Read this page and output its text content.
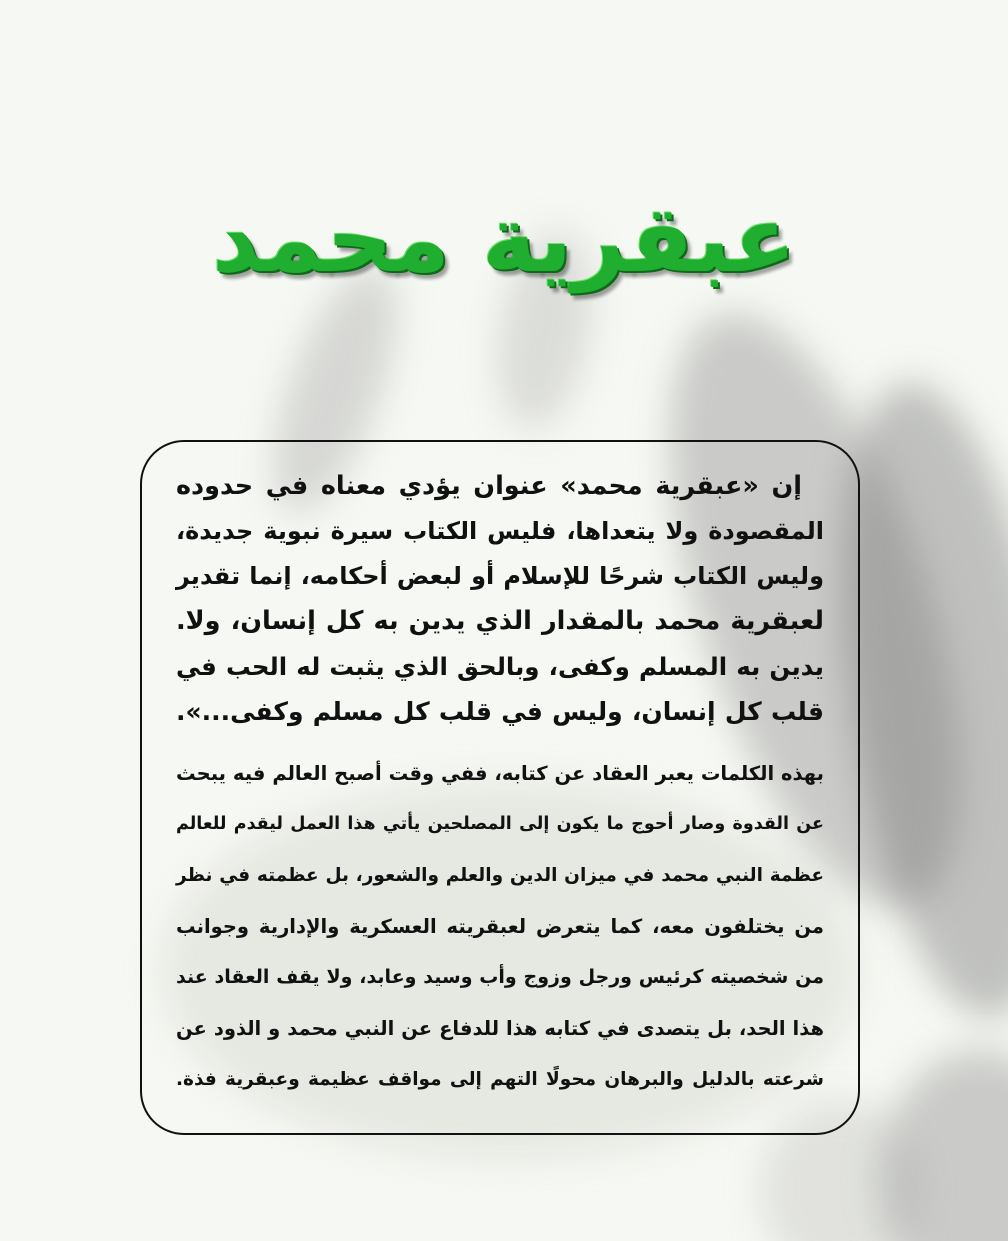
عبقرية محمد

إن «عبقرية محمد» عنوان يؤدي معناه في حدوده
المقصودة ولا يتعداها، فليس الكتاب سيرة نبوية جديدة،
وليس الكتاب شرحًا للإسلام أو لبعض أحكامه، إنما تقدير
لعبقرية محمد بالمقدار الذي يدين به كل إنسان، ولا.
يدين به المسلم وكفى، وبالحق الذي يثبت له الحب في
قلب كل إنسان، وليس في قلب كل مسلم وكفى...».

بهذه الكلمات يعبر العقاد عن كتابه، ففي وقت أصبح العالم فيه يبحث
عن القدوة وصار أحوج ما يكون إلى المصلحين يأتي هذا العمل ليقدم للعالم
عظمة النبي محمد في ميزان الدين والعلم والشعور، بل عظمته في نظر
من يختلفون معه، كما يتعرض لعبقريته العسكرية والإدارية وجوانب
من شخصيته كرئيس ورجل وزوج وأب وسيد وعابد، ولا يقف العقاد عند
هذا الحد، بل يتصدى في كتابه هذا للدفاع عن النبي محمد و الذود عن
شرعته بالدليل والبرهان محولًا التهم إلى مواقف عظيمة وعبقرية فذة.
